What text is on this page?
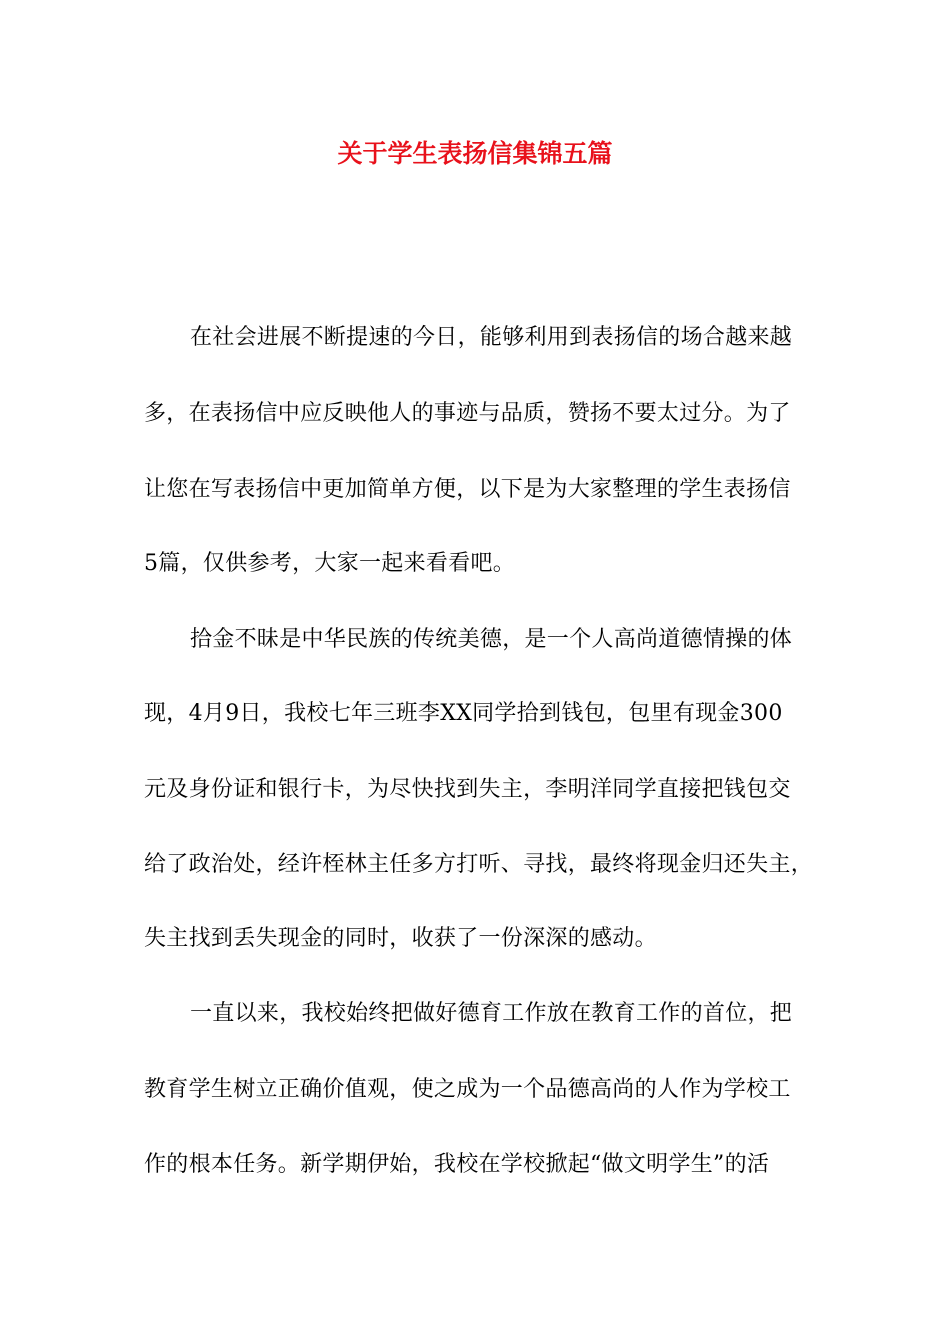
关于学生表扬信集锦五篇
在社会进展不断提速的今日，能够利用到表扬信的场合越来越
多，在表扬信中应反映他人的事迹与品质，赞扬不要太过分。为了
让您在写表扬信中更加简单方便，以下是为大家整理的学生表扬信
5篇，仅供参考，大家一起来看看吧。
拾金不昧是中华民族的传统美德，是一个人高尚道德情操的体
现，4月9日，我校七年三班李XX同学拾到钱包，包里有现金300
元及身份证和银行卡，为尽快找到失主，李明洋同学直接把钱包交
给了政治处，经许桎林主任多方打听、寻找，最终将现金归还失主，
失主找到丢失现金的同时，收获了一份深深的感动。
一直以来，我校始终把做好德育工作放在教育工作的首位，把
教育学生树立正确价值观，使之成为一个品德高尚的人作为学校工
作的根本任务。新学期伊始，我校在学校掀起“做文明学生”的活
